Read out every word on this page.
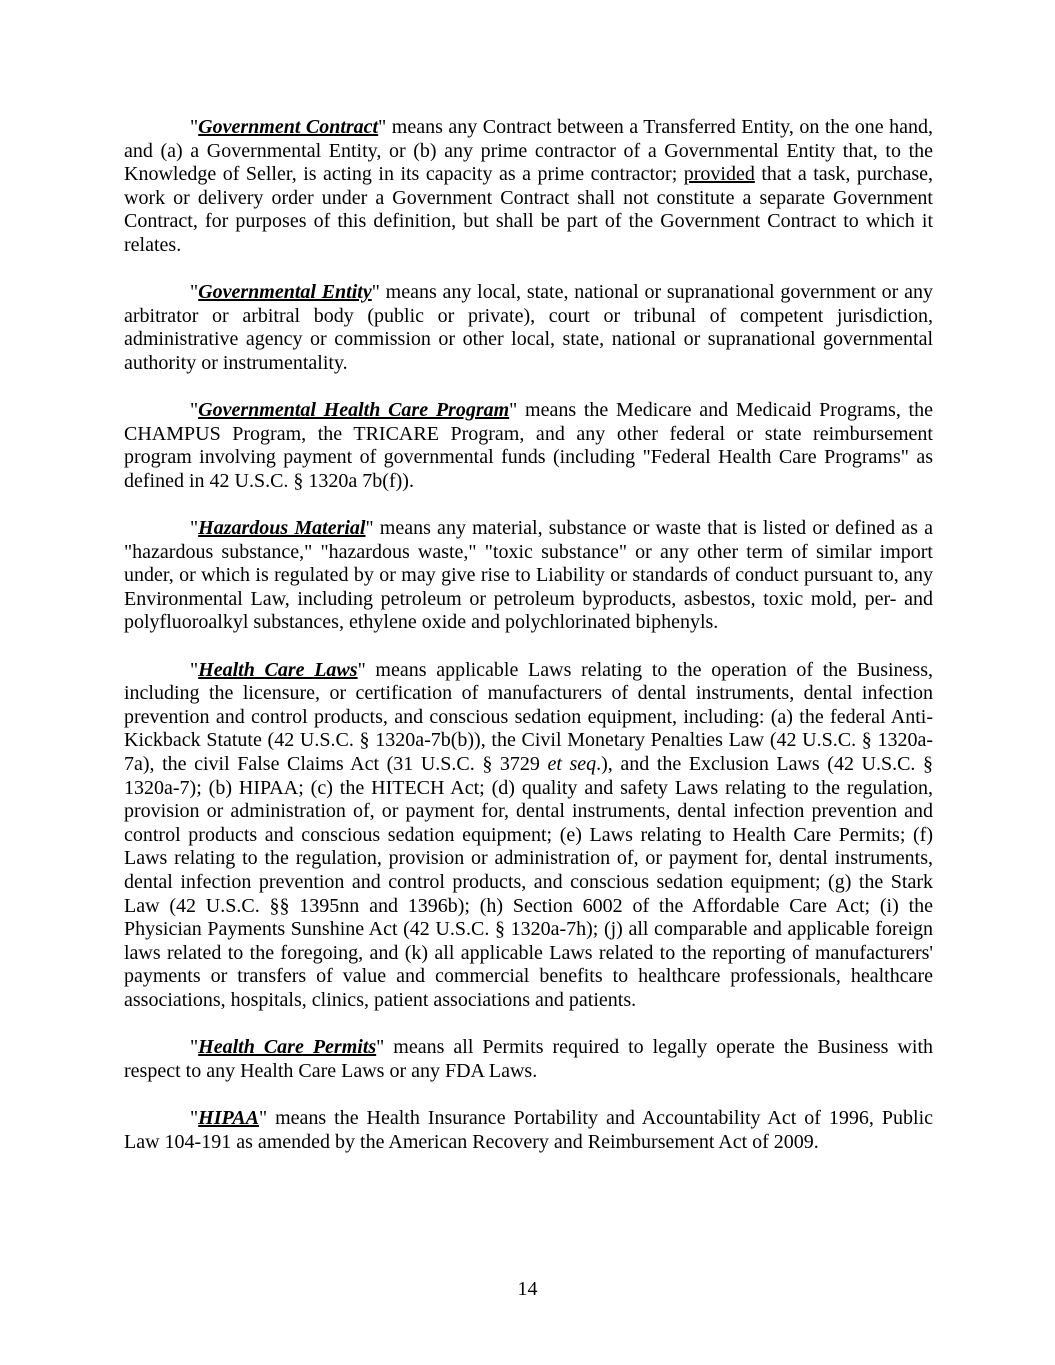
"Government Contract" means any Contract between a Transferred Entity, on the one hand, and (a) a Governmental Entity, or (b) any prime contractor of a Governmental Entity that, to the Knowledge of Seller, is acting in its capacity as a prime contractor; provided that a task, purchase, work or delivery order under a Government Contract shall not constitute a separate Government Contract, for purposes of this definition, but shall be part of the Government Contract to which it relates.

"Governmental Entity" means any local, state, national or supranational government or any arbitrator or arbitral body (public or private), court or tribunal of competent jurisdiction, administrative agency or commission or other local, state, national or supranational governmental authority or instrumentality.

"Governmental Health Care Program" means the Medicare and Medicaid Programs, the CHAMPUS Program, the TRICARE Program, and any other federal or state reimbursement program involving payment of governmental funds (including "Federal Health Care Programs" as defined in 42 U.S.C. § 1320a 7b(f)).

"Hazardous Material" means any material, substance or waste that is listed or defined as a "hazardous substance," "hazardous waste," "toxic substance" or any other term of similar import under, or which is regulated by or may give rise to Liability or standards of conduct pursuant to, any Environmental Law, including petroleum or petroleum byproducts, asbestos, toxic mold, per- and polyfluoroalkyl substances, ethylene oxide and polychlorinated biphenyls.

"Health Care Laws" means applicable Laws relating to the operation of the Business, including the licensure, or certification of manufacturers of dental instruments, dental infection prevention and control products, and conscious sedation equipment, including: (a) the federal Anti-Kickback Statute (42 U.S.C. § 1320a-7b(b)), the Civil Monetary Penalties Law (42 U.S.C. § 1320a-7a), the civil False Claims Act (31 U.S.C. § 3729 et seq.), and the Exclusion Laws (42 U.S.C. § 1320a-7); (b) HIPAA; (c) the HITECH Act; (d) quality and safety Laws relating to the regulation, provision or administration of, or payment for, dental instruments, dental infection prevention and control products and conscious sedation equipment; (e) Laws relating to Health Care Permits; (f) Laws relating to the regulation, provision or administration of, or payment for, dental instruments, dental infection prevention and control products, and conscious sedation equipment; (g) the Stark Law (42 U.S.C. §§ 1395nn and 1396b); (h) Section 6002 of the Affordable Care Act; (i) the Physician Payments Sunshine Act (42 U.S.C. § 1320a-7h); (j) all comparable and applicable foreign laws related to the foregoing, and (k) all applicable Laws related to the reporting of manufacturers' payments or transfers of value and commercial benefits to healthcare professionals, healthcare associations, hospitals, clinics, patient associations and patients.

"Health Care Permits" means all Permits required to legally operate the Business with respect to any Health Care Laws or any FDA Laws.

"HIPAA" means the Health Insurance Portability and Accountability Act of 1996, Public Law 104-191 as amended by the American Recovery and Reimbursement Act of 2009.

14
